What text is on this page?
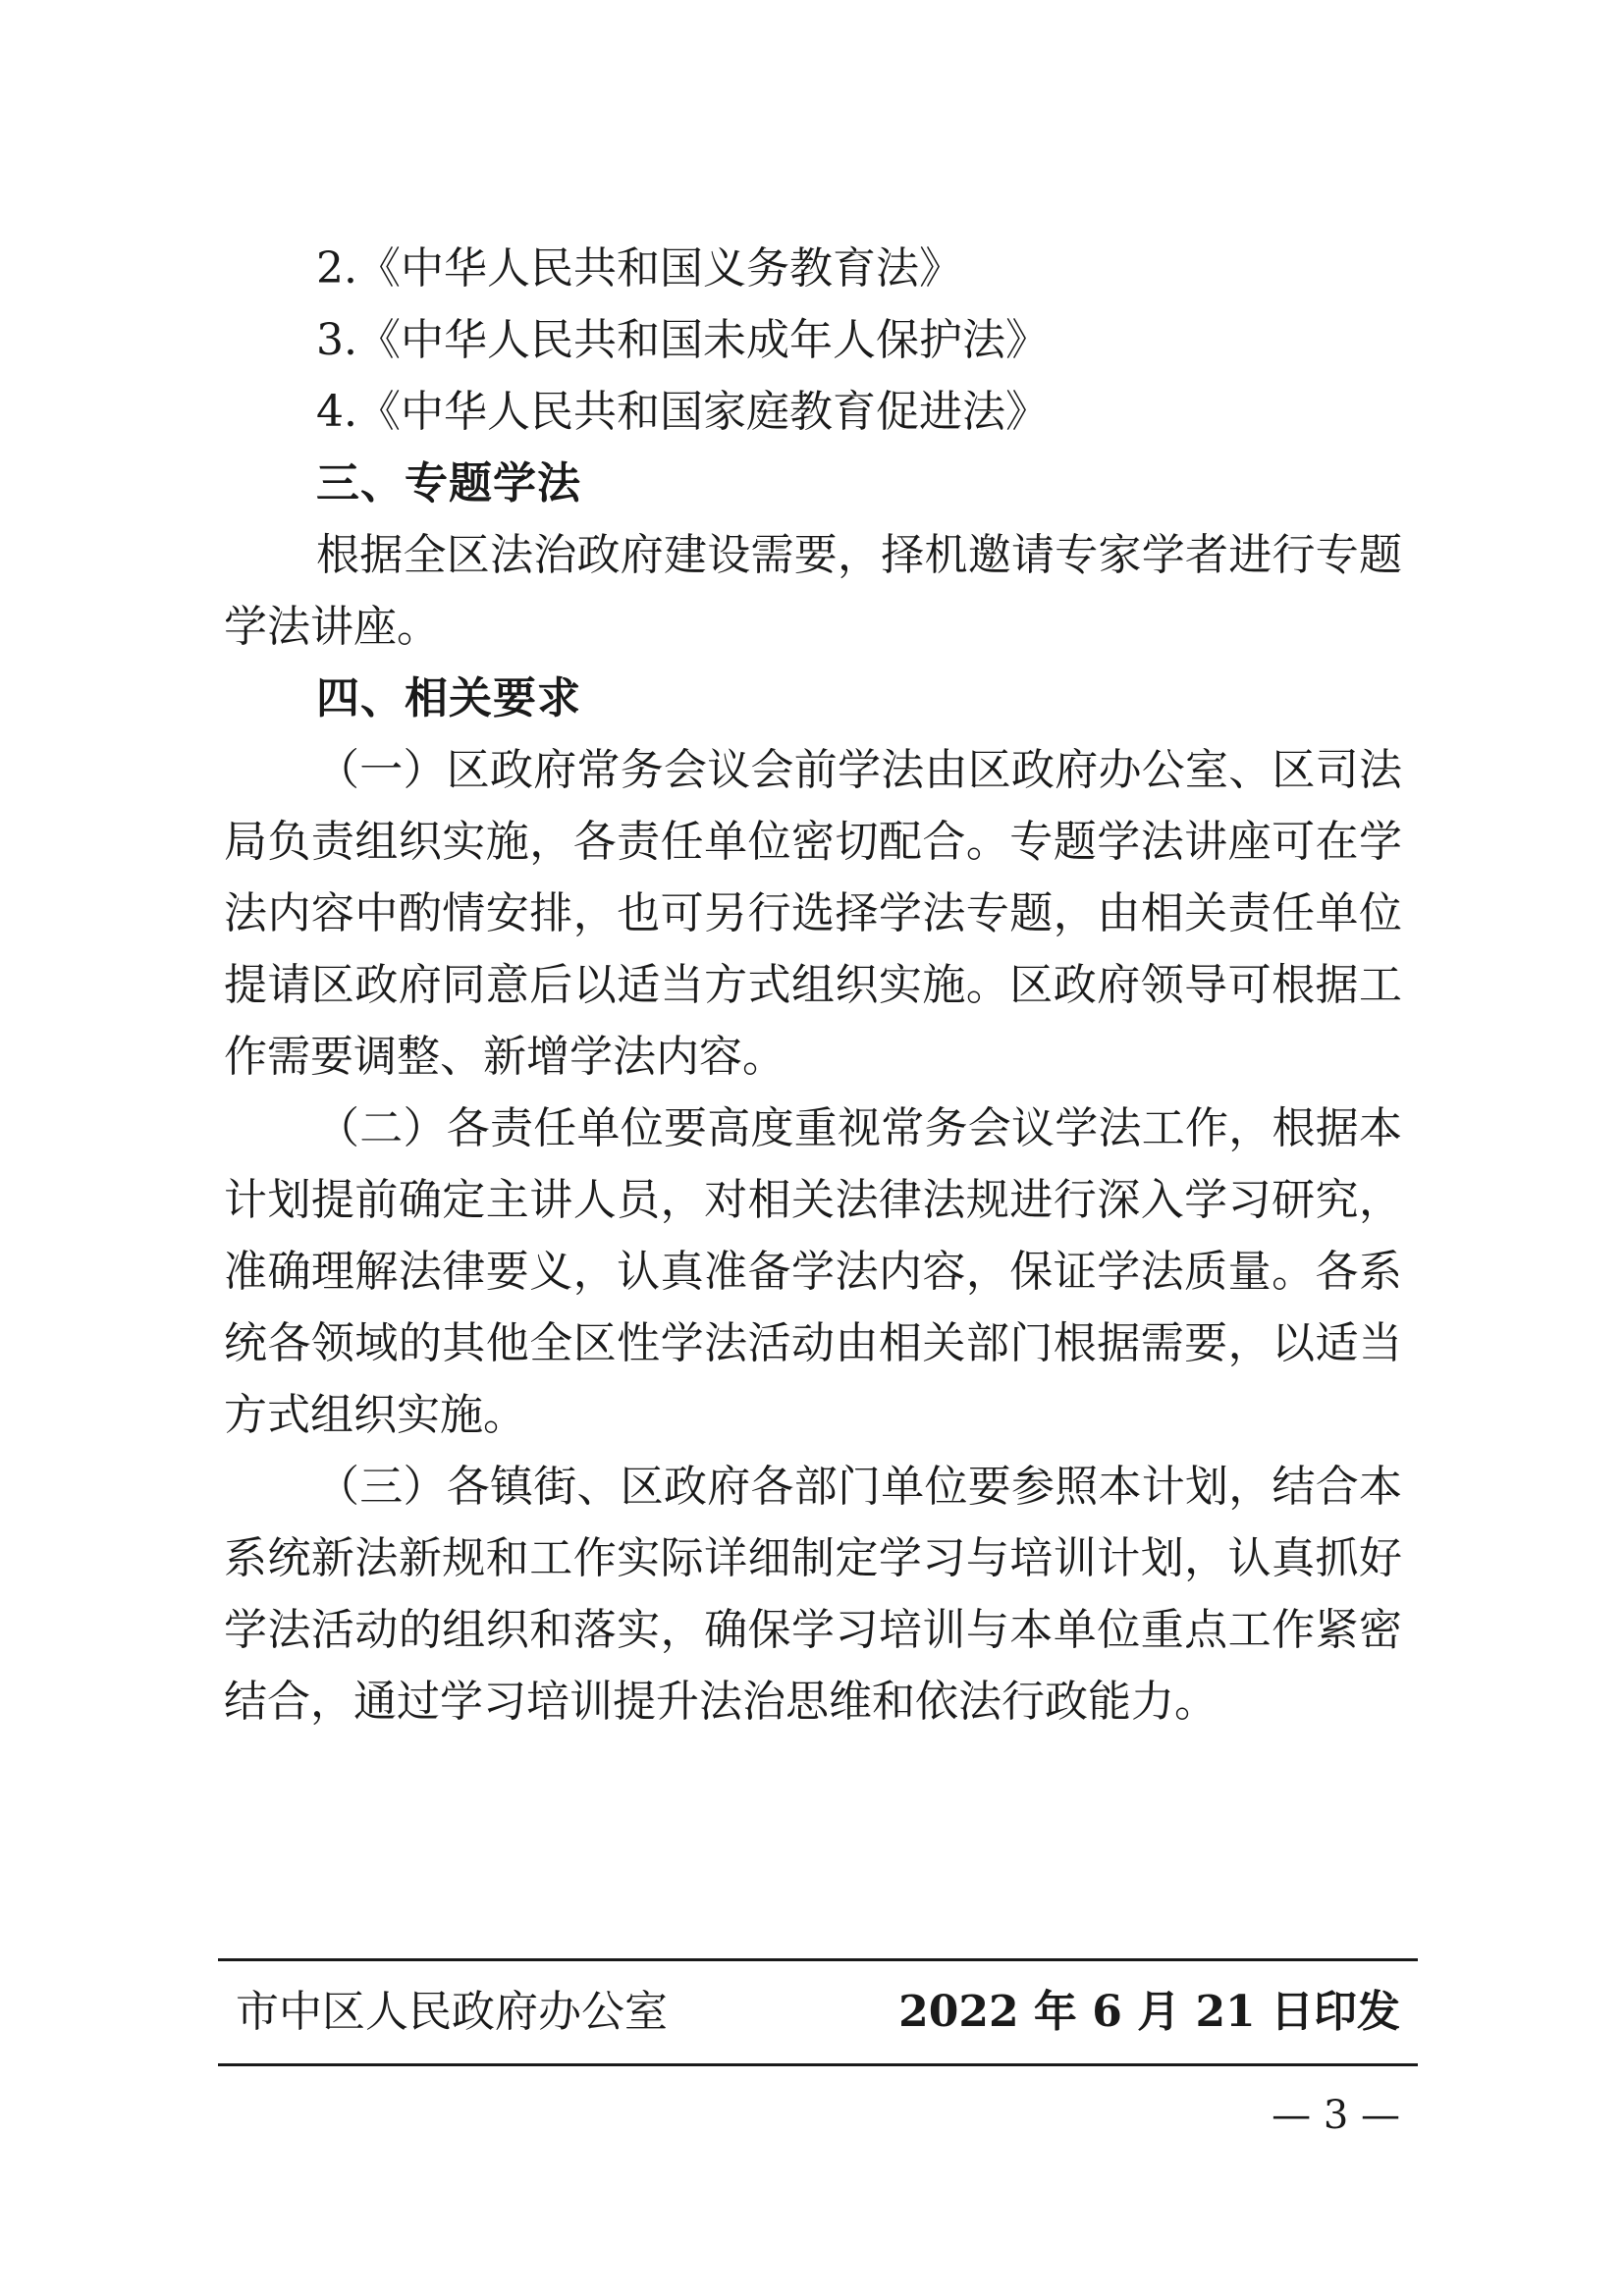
2.《中华人民共和国义务教育法》
3.《中华人民共和国未成年人保护法》
4.《中华人民共和国家庭教育促进法》
三、专题学法
根据全区法治政府建设需要，择机邀请专家学者进行专题
学法讲座。
四、相关要求
（一）区政府常务会议会前学法由区政府办公室、区司法
局负责组织实施，各责任单位密切配合。专题学法讲座可在学
法内容中酌情安排，也可另行选择学法专题，由相关责任单位
提请区政府同意后以适当方式组织实施。区政府领导可根据工
作需要调整、新增学法内容。
（二）各责任单位要高度重视常务会议学法工作，根据本
计划提前确定主讲人员，对相关法律法规进行深入学习研究，
准确理解法律要义，认真准备学法内容，保证学法质量。各系
统各领域的其他全区性学法活动由相关部门根据需要，以适当
方式组织实施。
（三）各镇街、区政府各部门单位要参照本计划，结合本
系统新法新规和工作实际详细制定学习与培训计划，认真抓好
学法活动的组织和落实，确保学习培训与本单位重点工作紧密
结合，通过学习培训提升法治思维和依法行政能力。
市中区人民政府办公室	2022 年 6 月 21 日印发
— 3 —
